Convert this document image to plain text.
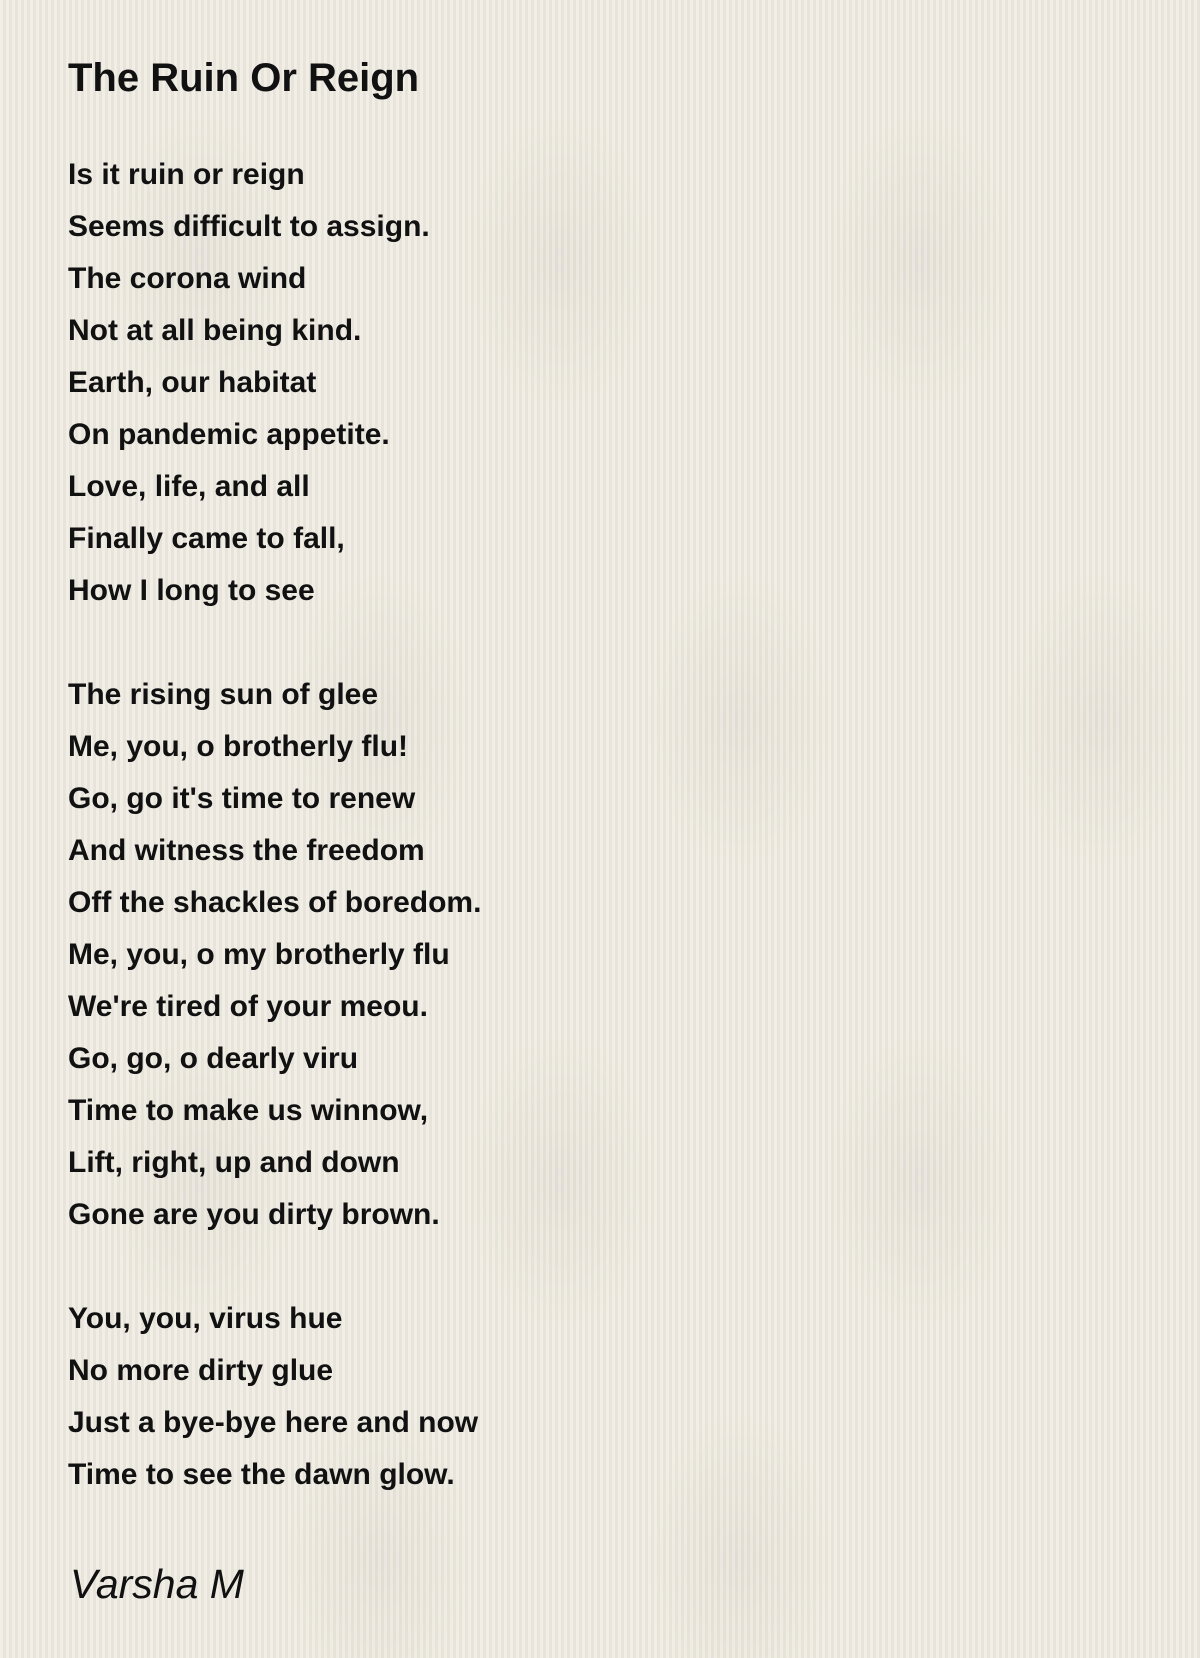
The Ruin Or Reign
Is it ruin or reign
Seems difficult to assign.
The corona wind
Not at all being kind.
Earth, our habitat
On pandemic appetite.
Love, life, and all
Finally came to fall,
How I long to see
The rising sun of glee
Me, you, o brotherly flu!
Go, go it's time to renew
And witness the freedom
Off the shackles of boredom.
Me, you, o my brotherly flu
We're tired of your meou.
Go, go, o dearly viru
Time to make us winnow,
Lift, right, up and down
Gone are you dirty brown.
You, you, virus hue
No more dirty glue
Just a bye-bye here and now
Time to see the dawn glow.
Varsha M
